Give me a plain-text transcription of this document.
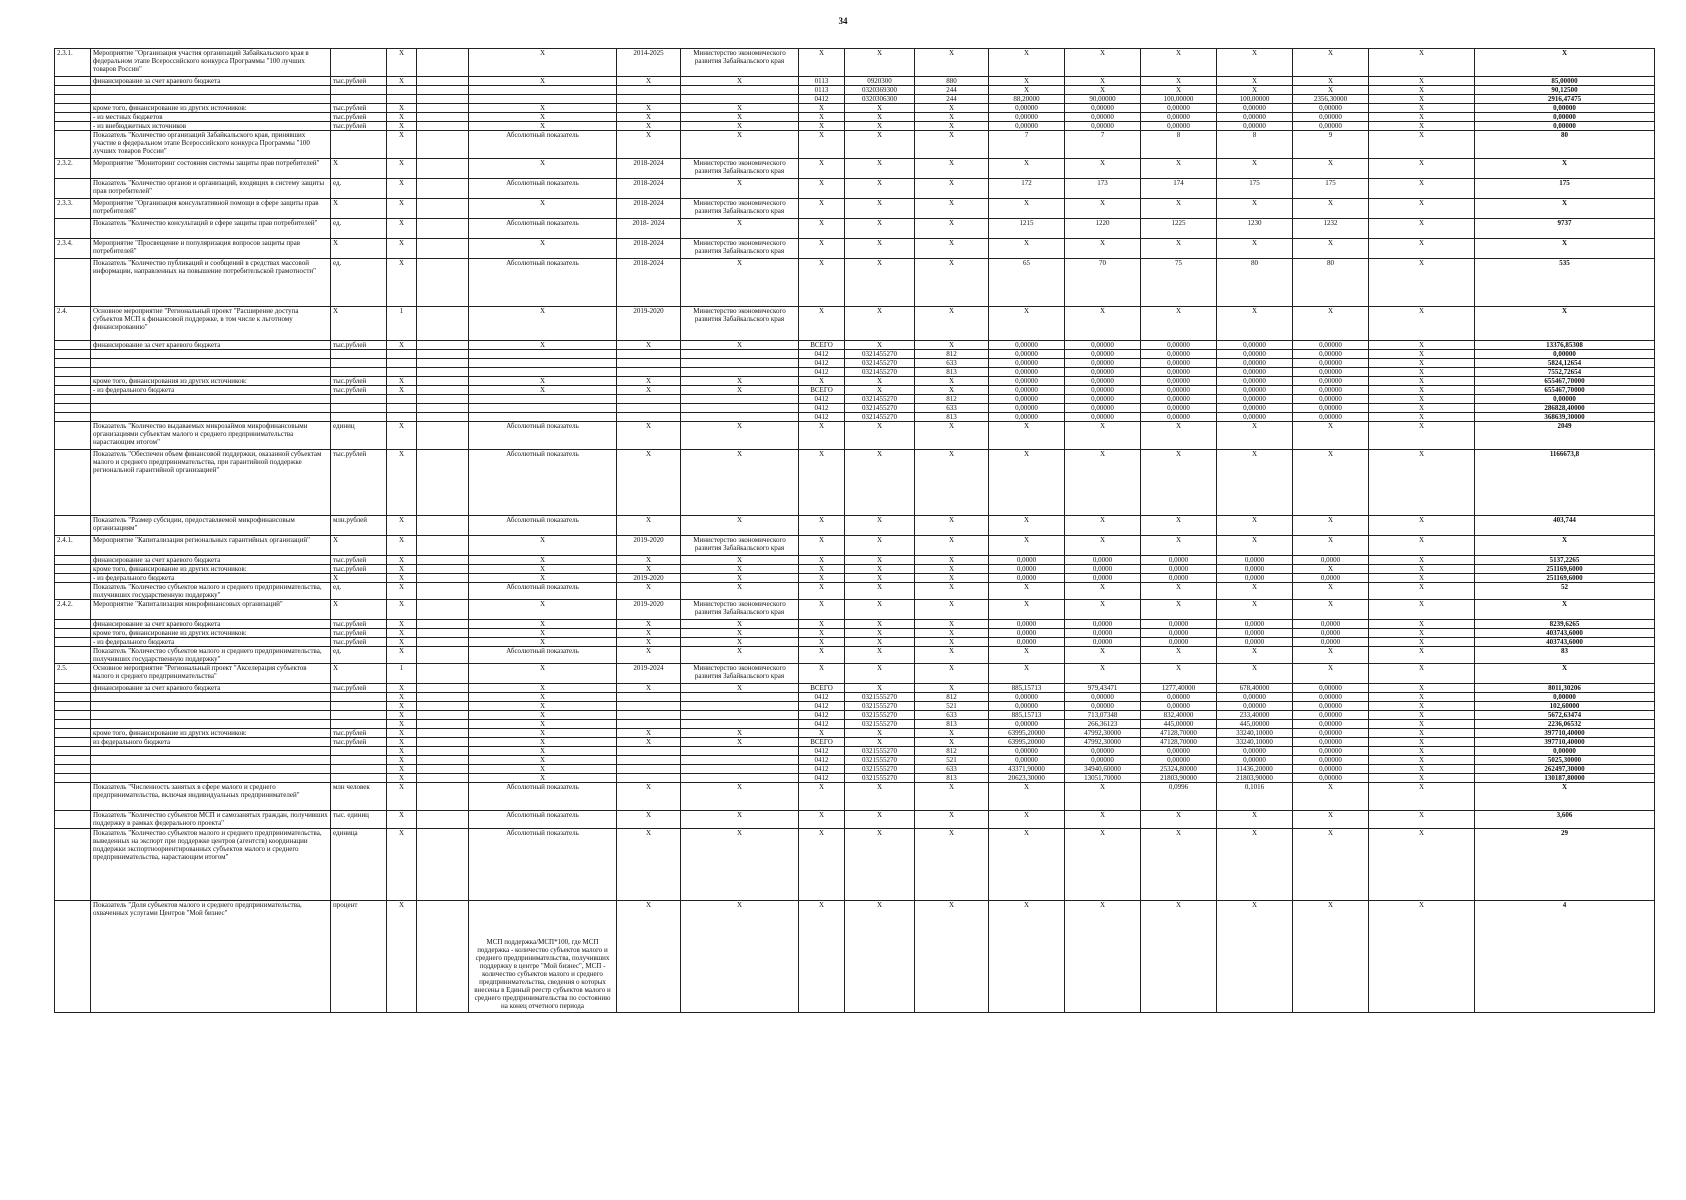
34
2.3.1.	Мероприятие "Организация участия организаций Забайкальского края в федеральном этапе Всероссийского конкурса Программы "100 лучших товаров России"		X		X	2014-2025	Министерство экономического развития Забайкальского края	X	X	X	X	X	X	X	X	X	X
	финансирование за счет краевого бюджета	тыс.рублей	X		X	X	X	0113	0920300	880	X	X	X	X	X	X	85,00000
								0113	0320369300	244	X	X	X	X	X	X	90,12500
								0412	0320306300	244	88,20000	90,00000	100,00000	100,00000	2356,30000	X	2916,47475
	кроме того, финансирование из других источников:	тыс.рублей	X		X	X	X	X	X	X	0,00000	0,00000	0,00000	0,00000	0,00000	X	0,00000
	- из местных бюджетов	тыс.рублей	X		X	X	X	X	X	X	0,00000	0,00000	0,00000	0,00000	0,00000	X	0,00000
	- из внебюджетных источников	тыс.рублей	X		X	X	X	X	X	X	0,00000	0,00000	0,00000	0,00000	0,00000	X	0,00000
	Показатель "Количество организаций Забайкальского края, принявших участие в федеральном этапе Всероссийского конкурса Программы "100 лучших товаров России"		X		Абсолютный показатель	X	X	X	X	X	7	7	8	8	9	X	80
2.3.2.	Мероприятие "Мониторинг состояния системы защиты прав потребителей"	X	X		X	2018-2024	Министерство экономического развития Забайкальского края	X	X	X	X	X	X	X	X	X	X
	Показатель "Количество органов и организаций, входящих в систему защиты прав потребителей"	ед.	X		Абсолютный показатель	2018-2024	X	X	X	X	172	173	174	175	175	X	175
2.3.3.	Мероприятие "Организация консультативной помощи в сфере защиты прав потребителей"	X	X		X	2018-2024	Министерство экономического развития Забайкальского края	X	X	X	X	X	X	X	X	X	X
	Показатель "Количество консультаций в сфере защиты прав потребителей"	ед.	X		Абсолютный показатель	2018- 2024	X	X	X	X	1215	1220	1225	1230	1232	X	9737
2.3.4.	Мероприятие "Просвещение и популяризация вопросов защиты прав потребителей"	X	X		X	2018-2024	Министерство экономического развития Забайкальского края	X	X	X	X	X	X	X	X	X	X
	Показатель "Количество публикаций и сообщений в средствах массовой информации, направленных на повышение потребительской грамотности"	ед.	X		Абсолютный показатель	2018-2024	X	X	X	X	65	70	75	80	80	X	535
2.4.	Основное мероприятие "Региональный проект "Расширение доступа субъектов МСП к финансовой поддержке, в том числе к льготному финансированию"	X	1		X	2019-2020	Министерство экономического развития Забайкальского края	X	X	X	X	X	X	X	X	X	X
	финансирование за счет краевого бюджета	тыс.рублей	X		X	X	X	ВСЕГО	X	X	0,00000	0,00000	0,00000	0,00000	0,00000	X	13376,85308
								0412	0321455270	812	0,00000	0,00000	0,00000	0,00000	0,00000	X	0,00000
								0412	0321455270	633	0,00000	0,00000	0,00000	0,00000	0,00000	X	5824,12654
								0412	0321455270	813	0,00000	0,00000	0,00000	0,00000	0,00000	X	7552,72654
	кроме того, финансирования из других источников:	тыс.рублей	X		X	X	X	X	X	X	0,00000	0,00000	0,00000	0,00000	0,00000	X	655467,70000
	- из федерального бюджета	тыс.рублей	X		X	X	X	ВСЕГО	X	X	0,00000	0,00000	0,00000	0,00000	0,00000	X	655467,70000
								0412	0321455270	812	0,00000	0,00000	0,00000	0,00000	0,00000	X	0,00000
								0412	0321455270	633	0,00000	0,00000	0,00000	0,00000	0,00000	X	286828,40000
								0412	0321455270	813	0,00000	0,00000	0,00000	0,00000	0,00000	X	368639,30000
	Показатель "Количество выдаваемых микрозаймов микрофинансовыми организациями субъектам малого и среднего предпринимательства нарастающим итогом"	единиц	X		Абсолютный показатель	X	X	X	X	X	X	X	X	X	X	X	2049
	Показатель "Обеспечен объем финансовой поддержки, оказанной субъектам малого и среднего предпринимательства, при гарантийной поддержке региональной гарантийной организацией"	тыс.рублей	X		Абсолютный показатель	X	X	X	X	X	X	X	X	X	X	X	1166673,8
	Показатель "Размер субсидии, предоставляемой микрофинансовым организациям"	млн.рублей	X		Абсолютный показатель	X	X	X	X	X	X	X	X	X	X	X	403,744
2.4.1.	Мероприятие "Капитализация региональных гарантийных организаций"	X	X		X	2019-2020	Министерство экономического развития Забайкальского края	X	X	X	X	X	X	X	X	X	X
	финансирование за счет краевого бюджета	тыс.рублей	X		X	X	X	X	X	X	0,0000	0,0000	0,0000	0,0000	0,0000	X	5137,2265
	кроме того, финансирование из других источников:	тыс.рублей	X		X	X	X	X	X	X	0,0000	0,0000	0,0000	0,0000	X	X	251169,6000
	- из федерального бюджета	X	X		X	2019-2020	X	X	X	X	0,0000	0,0000	0,0000	0,0000	0,0000	X	251169,6000
	Показатель "Количество субъектов малого и среднего предпринимательства, получивших государственную поддержку"	ед.	X		Абсолютный показатель	X	X	X	X	X	X	X	X	X	X	X	52
2.4.2.	Мероприятие "Капитализация микрофинансовых организаций"	X	X		X	2019-2020	Министерство экономического развития Забайкальского края	X	X	X	X	X	X	X	X	X	X
	финансирование за счет краевого бюджета	тыс.рублей	X		X	X	X	X	X	X	0,0000	0,0000	0,0000	0,0000	0,0000	X	8239,6265
	кроме того, финансирование из других источников:	тыс.рублей	X		X	X	X	X	X	X	0,0000	0,0000	0,0000	0,0000	0,0000	X	403743,6000
	- из федерального бюджета	тыс.рублей	X		X	X	X	X	X	X	0,0000	0,0000	0,0000	0,0000	0,0000	X	403743,6000
	Показатель "Количество субъектов малого и среднего предпринимательства, получивших государственную поддержку"	ед.	X		Абсолютный показатель	X	X	X	X	X	X	X	X	X	X	X	83
2.5.	Основное мероприятие "Региональный проект "Акселерация субъектов малого и среднего предпринимательства"	X	1		X	2019-2024	Министерство экономического развития Забайкальского края	X	X	X	X	X	X	X	X	X	X
	финансирование за счет краевого бюджета	тыс.рублей	X		X	X	X	ВСЕГО	X	X	885,15713	979,43471	1277,40000	678,40000	0,00000	X	8011,30206
			X		X			0412	0321555270	812	0,00000	0,00000	0,00000	0,00000	0,00000	X	0,00000
			X		X			0412	0321555270	521	0,00000	0,00000	0,00000	0,00000	0,00000	X	102,60000
			X		X			0412	0321555270	633	885,15713	713,07348	832,40000	233,40000	0,00000	X	5672,63474
			X		X			0412	0321555270	813	0,00000	266,36123	445,00000	445,00000	0,00000	X	2236,06532
	кроме того, финансирование из других источников:	тыс.рублей	X		X	X	X	X	X	X	63995,20000	47992,30000	47128,70000	33240,10000	0,00000	X	397710,40000
	из федерального бюджета	тыс.рублей	X		X	X	X	ВСЕГО	X	X	63995,20000	47992,30000	47128,70000	33240,10000	0,00000	X	397710,40000
			X		X			0412	0321555270	812	0,00000	0,00000	0,00000	0,00000	0,00000	X	0,00000
			X		X			0412	0321555270	521	0,00000	0,00000	0,00000	0,00000	0,00000	X	5025,30000
			X		X			0412	0321555270	633	43371,90000	34940,60000	25324,80000	11436,20000	0,00000	X	262497,30000
			X		X			0412	0321555270	813	20623,30000	13051,70000	21803,90000	21803,90000	0,00000	X	130187,80000
	Показатель "Численность занятых в сфере малого и среднего предпринимательства, включая индивидуальных предпринимателей"	млн человек	X		Абсолютный показатель	X	X	X	X	X	X	X	0,0996	0,1016	X	X	X
	Показатель "Количество субъектов МСП и самозанятых граждан, получивших поддержку в рамках федерального проекта"	тыс. единиц	X		Абсолютный показатель	X	X	X	X	X	X	X	X	X	X	X	3,606
	Показатель "Количество субъектов малого и среднего предпринимательства, выведенных на экспорт при поддержке центров (агентств) координации поддержки экспортноориентированных субъектов малого и среднего предпринимательства, нарастающим итогом"	единица	X		Абсолютный показатель	X	X	X	X	X	X	X	X	X	X	X	29
	Показатель "Доля субъектов малого и среднего предпринимательства, охваченных услугами Центров "Мой бизнес"	процент	X		МСП поддержка/МСП*100, где МСП поддержка - количество субъектов малого и среднего предпринимательства, получивших поддержку в центре "Мой бизнес", МСП - количество субъектов малого и среднего предпринимательства, сведения о которых внесены в Единый реестр субъектов малого и среднего предпринимательства по состоянию на конец отчетного периода	X	X	X	X	X	X	X	X	X	X	X	4
